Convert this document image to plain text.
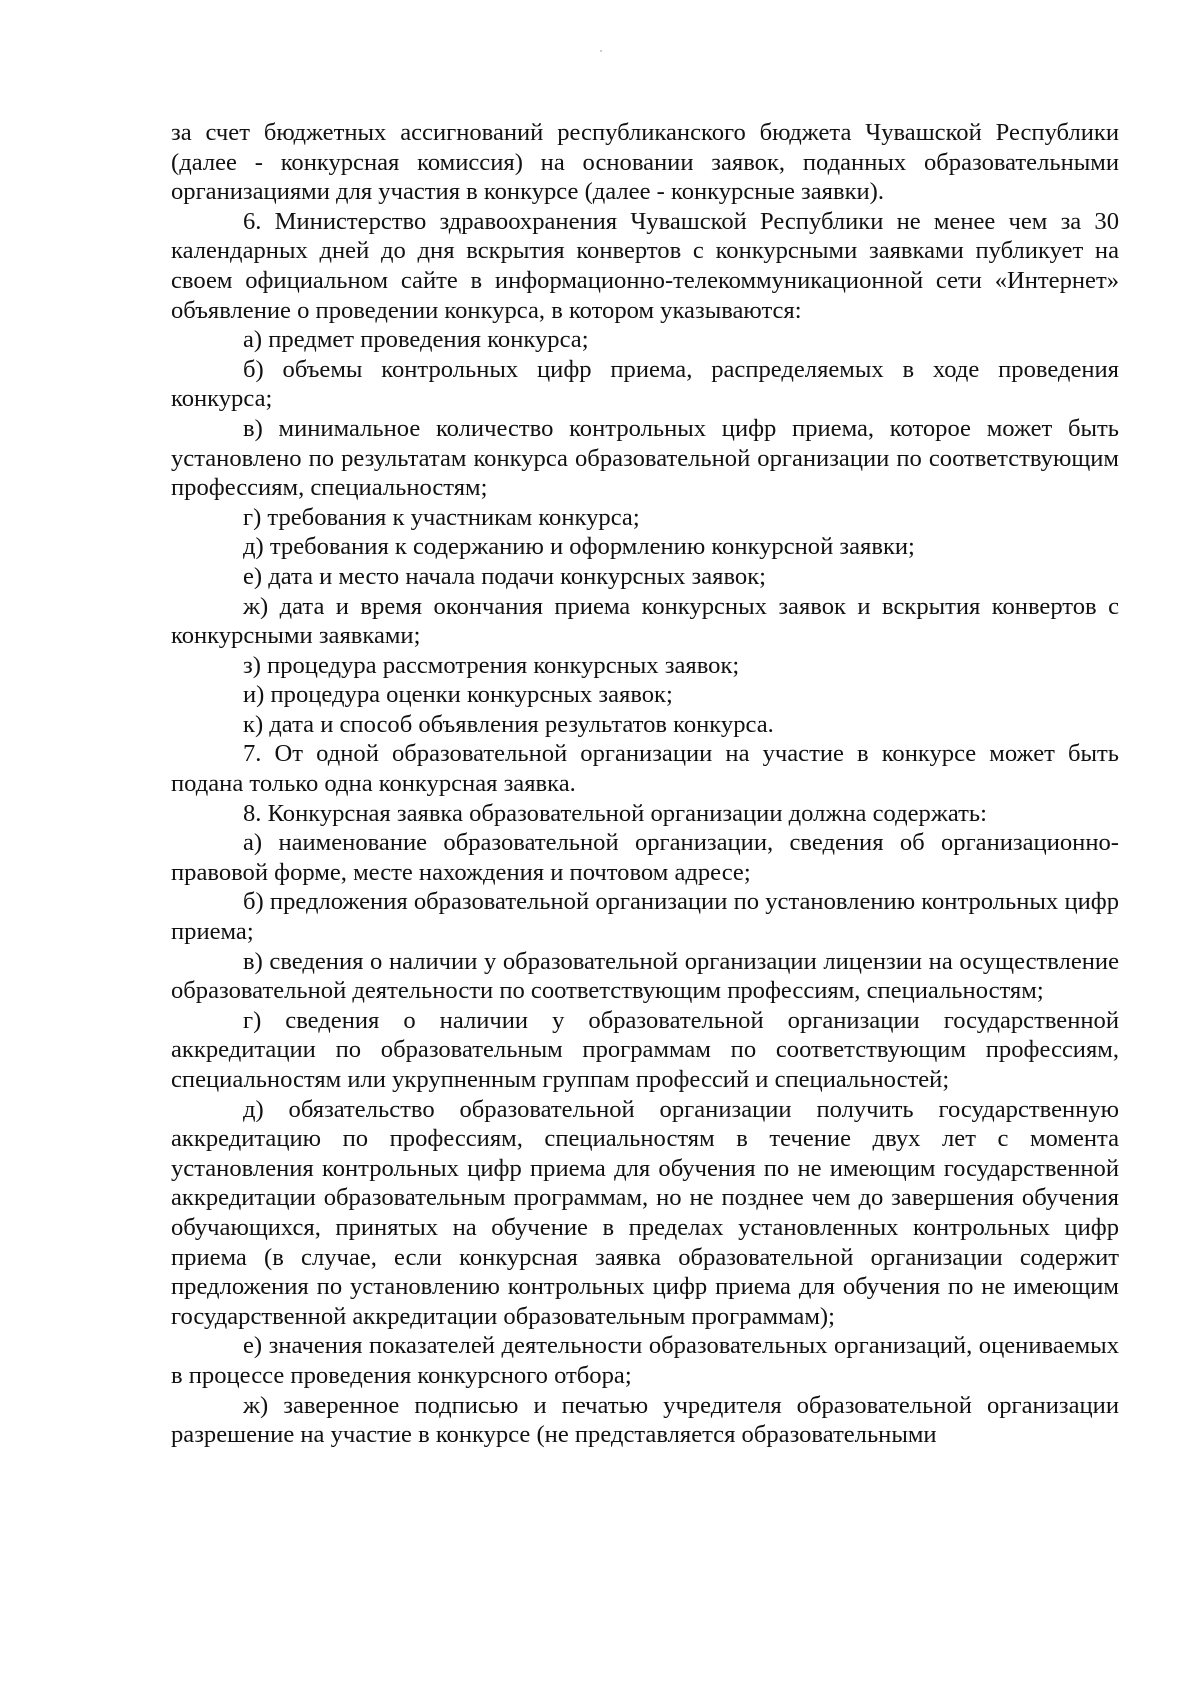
за счет бюджетных ассигнований республиканского бюджета Чувашской Республики (далее - конкурсная комиссия) на основании заявок, поданных образовательными организациями для участия в конкурсе (далее - конкурсные заявки).

6. Министерство здравоохранения Чувашской Республики не менее чем за 30 календарных дней до дня вскрытия конвертов с конкурсными заявками публикует на своем официальном сайте в информационно-телекоммуникационной сети «Интернет» объявление о проведении конкурса, в котором указываются:

а) предмет проведения конкурса;

б) объемы контрольных цифр приема, распределяемых в ходе проведения конкурса;

в) минимальное количество контрольных цифр приема, которое может быть установлено по результатам конкурса образовательной организации по соответствующим профессиям, специальностям;

г) требования к участникам конкурса;

д) требования к содержанию и оформлению конкурсной заявки;

е) дата и место начала подачи конкурсных заявок;

ж) дата и время окончания приема конкурсных заявок и вскрытия конвертов с конкурсными заявками;

з) процедура рассмотрения конкурсных заявок;

и) процедура оценки конкурсных заявок;

к) дата и способ объявления результатов конкурса.

7. От одной образовательной организации на участие в конкурсе может быть подана только одна конкурсная заявка.

8. Конкурсная заявка образовательной организации должна содержать:

а) наименование образовательной организации, сведения об организационно-правовой форме, месте нахождения и почтовом адресе;

б) предложения образовательной организации по установлению контрольных цифр приема;

в) сведения о наличии у образовательной организации лицензии на осуществление образовательной деятельности по соответствующим профессиям, специальностям;

г) сведения о наличии у образовательной организации государственной аккредитации по образовательным программам по соответствующим профессиям, специальностям или укрупненным группам профессий и специальностей;

д) обязательство образовательной организации получить государственную аккредитацию по профессиям, специальностям в течение двух лет с момента установления контрольных цифр приема для обучения по не имеющим государственной аккредитации образовательным программам, но не позднее чем до завершения обучения обучающихся, принятых на обучение в пределах установленных контрольных цифр приема (в случае, если конкурсная заявка образовательной организации содержит предложения по установлению контрольных цифр приема для обучения по не имеющим государственной аккредитации образовательным программам);

е) значения показателей деятельности образовательных организаций, оцениваемых в процессе проведения конкурсного отбора;

ж) заверенное подписью и печатью учредителя образовательной организации разрешение на участие в конкурсе (не представляется образовательными
